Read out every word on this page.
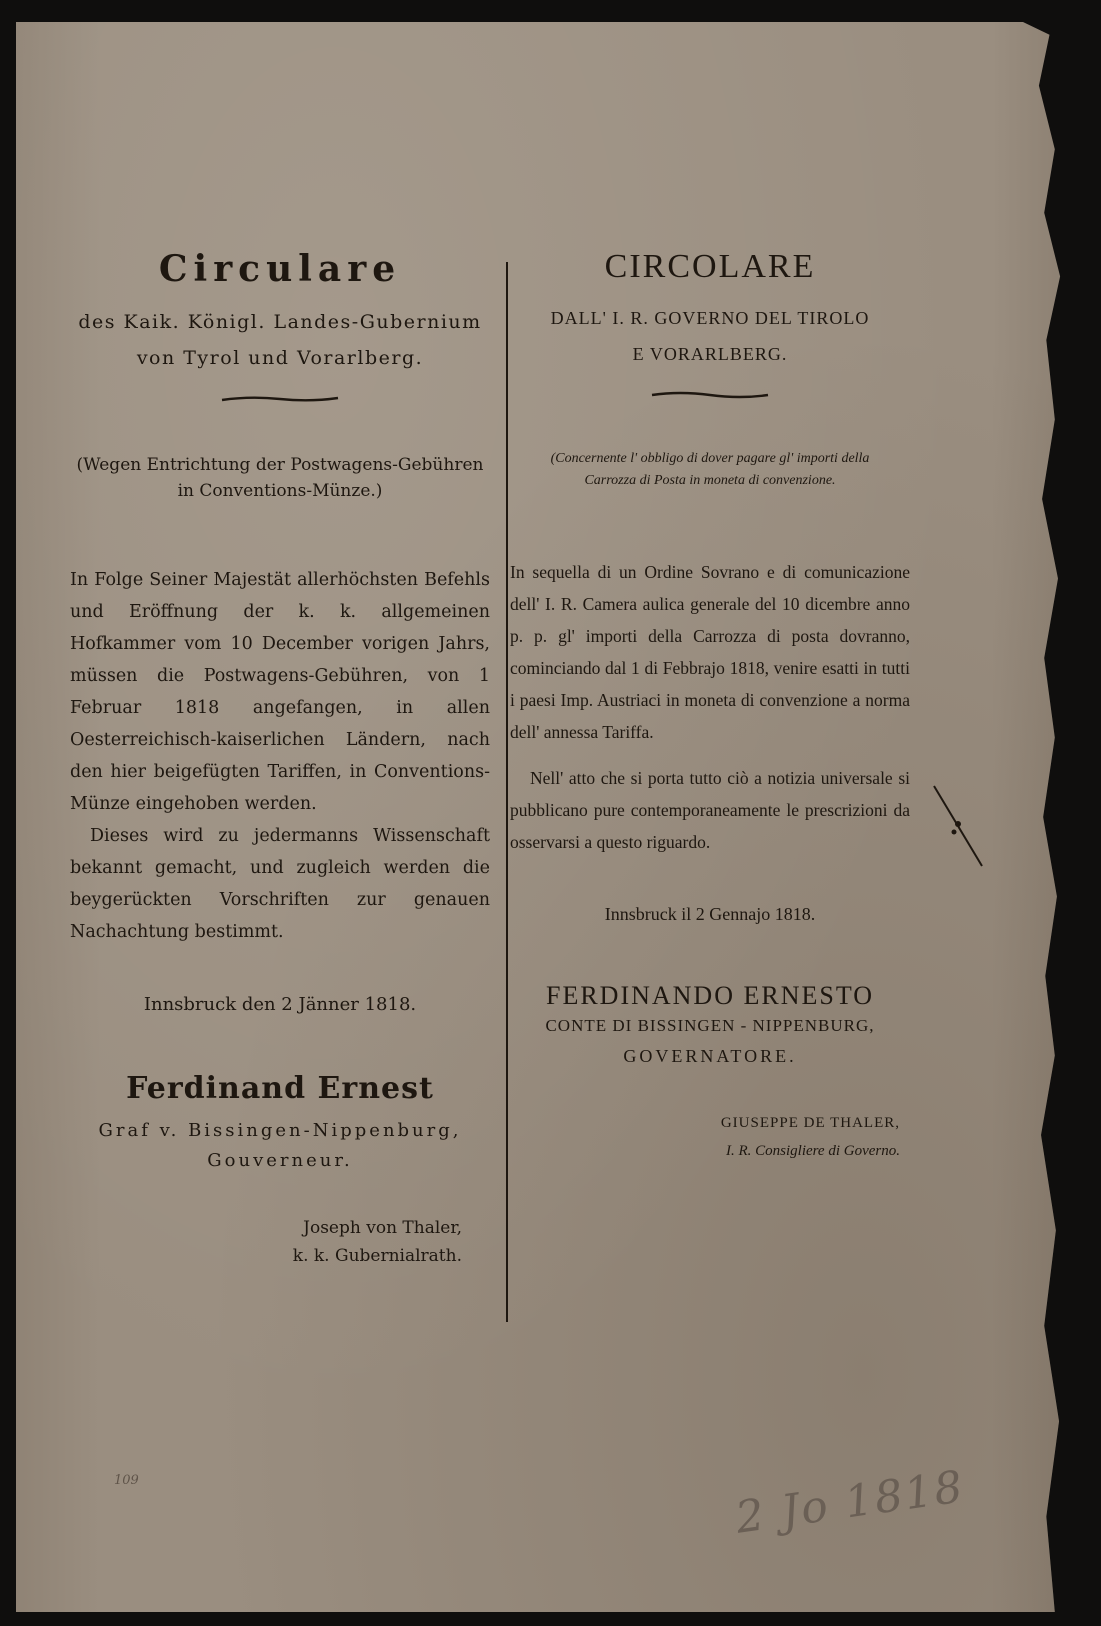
Circulare
des Kaik. Königl. Landes-Gubernium
von Tyrol und Vorarlberg.
(Wegen Entrichtung der Postwagens-Gebühren
in Conventions-Münze.)

In Folge Seiner Majestät allerhöchsten Befehls und Eröffnung der k. k. allgemeinen Hofkammer vom 10 December vorigen Jahrs, müssen die Postwagens-Gebühren, von 1 Februar 1818 angefangen, in allen Oesterreichisch-kaiserlichen Ländern, nach den hier beigefügten Tariffen, in Conventions-Münze eingehoben werden.

Dieses wird zu jedermanns Wissenschaft bekannt gemacht, und zugleich werden die beygerückten Vorschriften zur genauen Nachachtung bestimmt.

Innsbruck den 2 Jänner 1818.
Ferdinand Ernest
Graf v. Bissingen-Nippenburg,
Gouverneur.
Joseph von Thaler,
k. k. Gubernialrath.
CIRCOLARE
DALL' I. R. GOVERNO DEL TIROLO
E VORARLBERG.
(Concernente l' obbligo di dover pagare gl' importi della
Carrozza di Posta in moneta di convenzione.

In sequella di un Ordine Sovrano e di comunicazione dell' I. R. Camera aulica generale del 10 dicembre anno p. p. gl' importi della Carrozza di posta dovranno, cominciando dal 1 di Febbrajo 1818, venire esatti in tutti i paesi Imp. Austriaci in moneta di convenzione a norma dell' annessa Tariffa.

Nell' atto che si porta tutto ciò a notizia universale si pubblicano pure contemporaneamente le prescrizioni da osservarsi a questo riguardo.

Innsbruck il 2 Gennajo 1818.
FERDINANDO ERNESTO
CONTE DI BISSINGEN - NIPPENBURG,
GOVERNATORE.
GIUSEPPE DE THALER,
I. R. Consigliere di Governo.
109	2 Jo 1818
